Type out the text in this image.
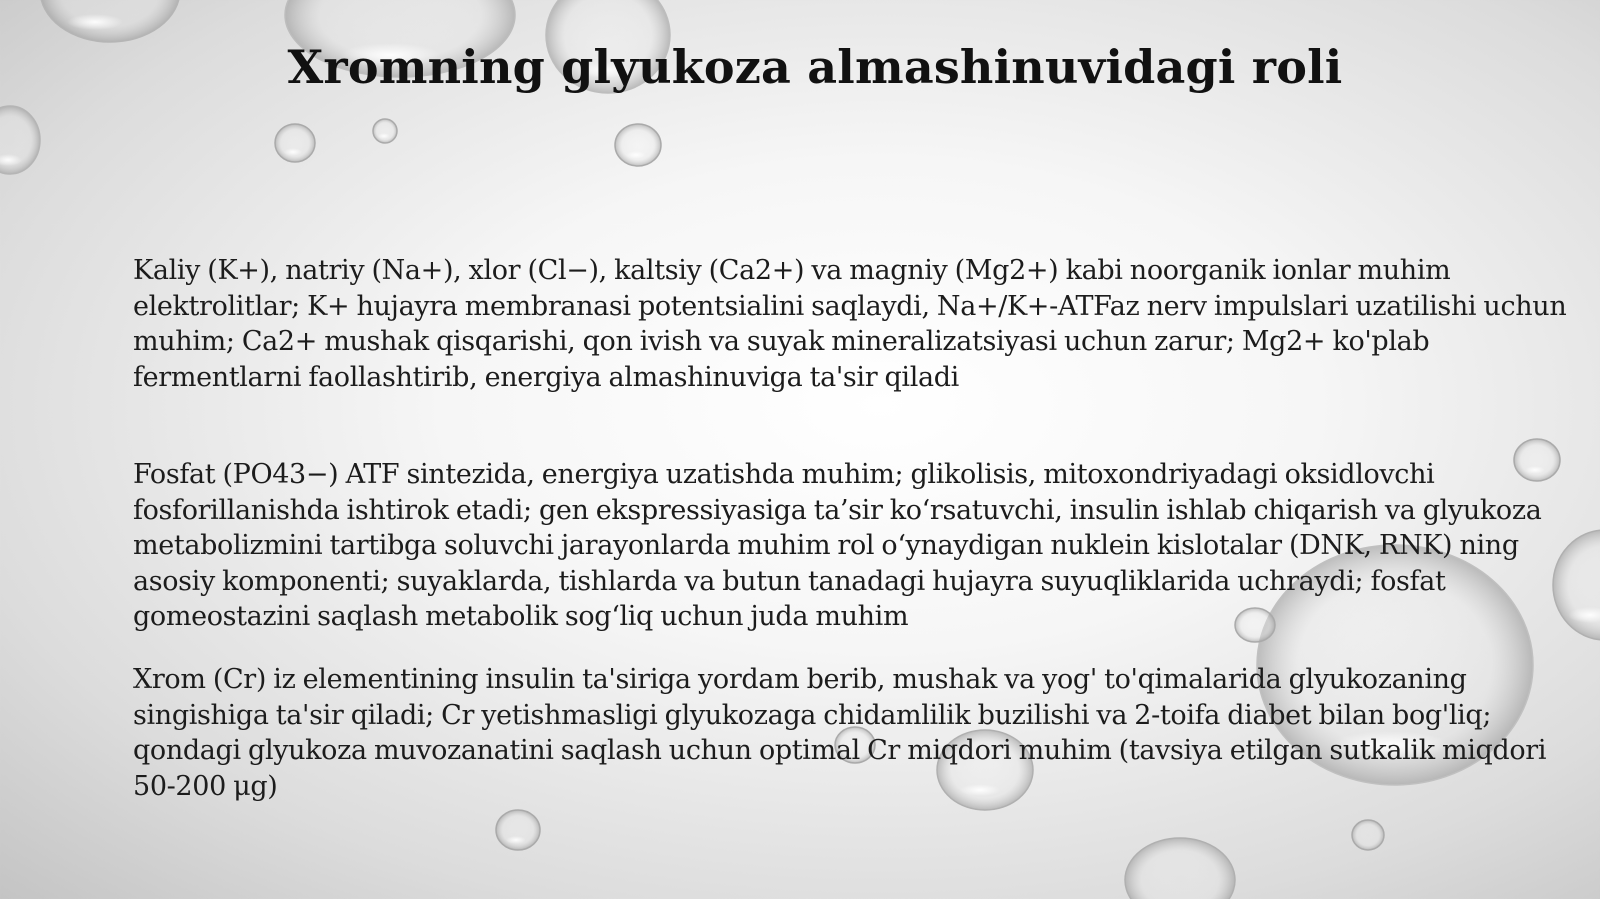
Xromning glyukoza almashinuvidagi roli

Kaliy (K+), natriy (Na+), xlor (Cl−), kaltsiy (Ca2+) va magniy (Mg2+) kabi noorganik ionlar muhim elektrolitlar; K+ hujayra membranasi potentsialini saqlaydi, Na+/K+-ATFaz nerv impulslari uzatilishi uchun muhim; Ca2+ mushak qisqarishi, qon ivish va suyak mineralizatsiyasi uchun zarur; Mg2+ ko'plab fermentlarni faollashtirib, energiya almashinuviga ta'sir qiladi

Fosfat (PO43−) ATF sintezida, energiya uzatishda muhim; glikolisis, mitoxondriyadagi oksidlovchi fosforillanishda ishtirok etadi; gen ekspressiyasiga ta’sir ko‘rsatuvchi, insulin ishlab chiqarish va glyukoza metabolizmini tartibga soluvchi jarayonlarda muhim rol o‘ynaydigan nuklein kislotalar (DNK, RNK) ning asosiy komponenti; suyaklarda, tishlarda va butun tanadagi hujayra suyuqliklarida uchraydi; fosfat gomeostazini saqlash metabolik sog‘liq uchun juda muhim

Xrom (Cr) iz elementining insulin ta'siriga yordam berib, mushak va yog' to'qimalarida glyukozaning singishiga ta'sir qiladi; Cr yetishmasligi glyukozaga chidamlilik buzilishi va 2-toifa diabet bilan bog'liq; qondagi glyukoza muvozanatini saqlash uchun optimal Cr miqdori muhim (tavsiya etilgan sutkalik miqdori 50-200 μg)
